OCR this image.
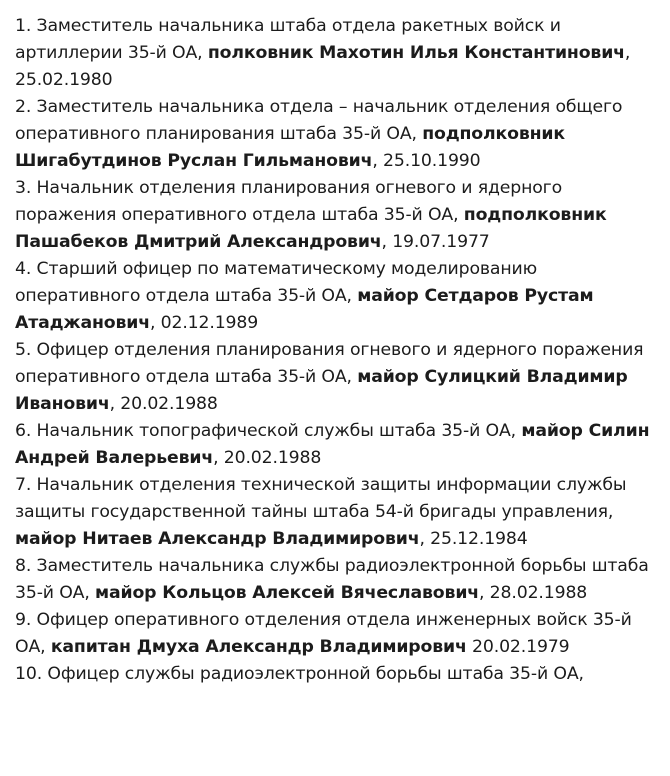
1. Заместитель начальника штаба отдела ракетных войск и артиллерии 35-й ОА, полковник Махотин Илья Константинович, 25.02.1980

2. Заместитель начальника отдела – начальник отделения общего оперативного планирования штаба 35-й ОА, подполковник Шигабутдинов Руслан Гильманович, 25.10.1990

3. Начальник отделения планирования огневого и ядерного поражения оперативного отдела штаба 35-й ОА, подполковник Пашабеков Дмитрий Александрович, 19.07.1977

4. Старший офицер по математическому моделированию оперативного отдела штаба 35-й ОА, майор Сетдаров Рустам Атаджанович, 02.12.1989

5. Офицер отделения планирования огневого и ядерного поражения оперативного отдела штаба 35-й ОА, майор Сулицкий Владимир Иванович, 20.02.1988

6. Начальник топографической службы штаба 35-й ОА, майор Силин Андрей Валерьевич, 20.02.1988

7. Начальник отделения технической защиты информации службы защиты государственной тайны штаба 54-й бригады управления, майор Нитаев Александр Владимирович, 25.12.1984

8. Заместитель начальника службы радиоэлектронной борьбы штаба 35-й ОА, майор Кольцов Алексей Вячеславович, 28.02.1988

9. Офицер оперативного отделения отдела инженерных войск 35-й ОА, капитан Дмуха Александр Владимирович 20.02.1979

10. Офицер службы радиоэлектронной борьбы штаба 35-й ОА,
